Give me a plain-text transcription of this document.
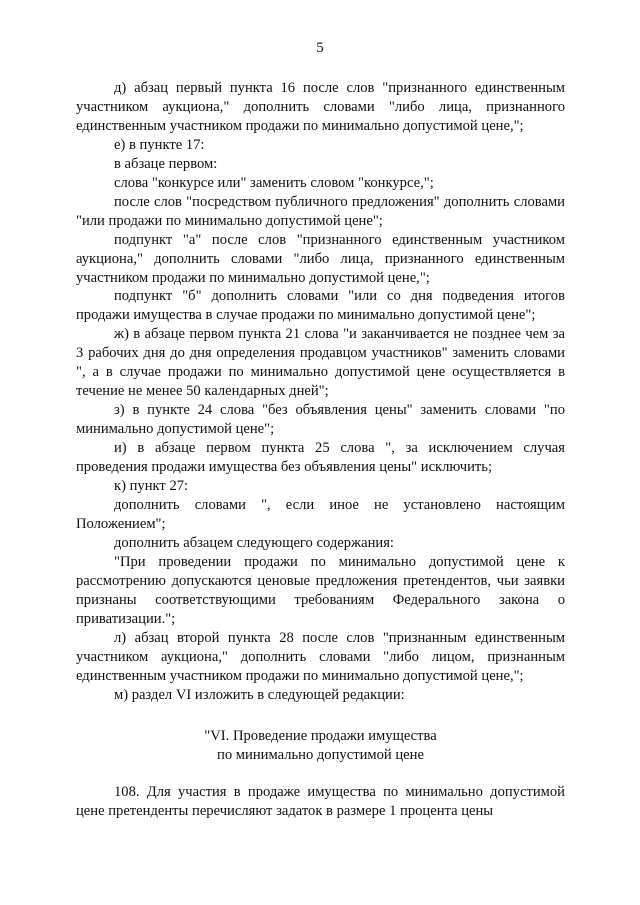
5

д) абзац первый пункта 16 после слов "признанного единственным участником аукциона," дополнить словами "либо лица, признанного единственным участником продажи по минимально допустимой цене,";

е) в пункте 17:

в абзаце первом:

слова "конкурсе или" заменить словом "конкурсе,";

после слов "посредством публичного предложения" дополнить словами "или продажи по минимально допустимой цене";

подпункт "а" после слов "признанного единственным участником аукциона," дополнить словами "либо лица, признанного единственным участником продажи по минимально допустимой цене,";

подпункт "б" дополнить словами "или со дня подведения итогов продажи имущества в случае продажи по минимально допустимой цене";

ж) в абзаце первом пункта 21 слова "и заканчивается не позднее чем за 3 рабочих дня до дня определения продавцом участников" заменить словами ", а в случае продажи по минимально допустимой цене осуществляется в течение не менее 50 календарных дней";

з) в пункте 24 слова "без объявления цены" заменить словами "по минимально допустимой цене";

и) в абзаце первом пункта 25 слова ", за исключением случая проведения продажи имущества без объявления цены" исключить;

к) пункт 27:

дополнить словами ", если иное не установлено настоящим Положением";

дополнить абзацем следующего содержания:

"При проведении продажи по минимально допустимой цене к рассмотрению допускаются ценовые предложения претендентов, чьи заявки признаны соответствующими требованиям Федерального закона о приватизации.";

л) абзац второй пункта 28 после слов "признанным единственным участником аукциона," дополнить словами "либо лицом, признанным единственным участником продажи по минимально допустимой цене,";

м) раздел VI изложить в следующей редакции:

"VI. Проведение продажи имущества
по минимально допустимой цене

108. Для участия в продаже имущества по минимально допустимой цене претенденты перечисляют задаток в размере 1 процента цены
